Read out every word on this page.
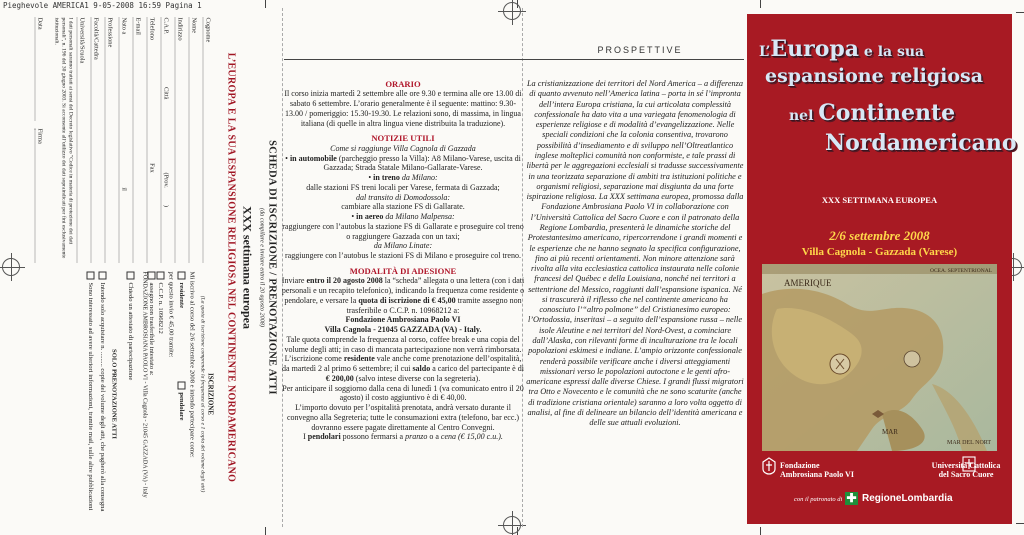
Pieghevole AMERICA1 9-05-2008 16:59 Pagina 1
SCHEDA DI ISCRIZIONE / PRENOTAZIONE ATTI
(da compilare e inviare entro il 20 agosto 2008)
XXX settimana europea
L’EUROPA E LA SUA ESPANSIONE RELIGIOSA NEL CONTINENTE NORDAMERICANO
ISCRIZIONE
(La quota di iscrizione comprende la frequenza al corso e 1 copia del volume degli atti)
Mi iscrivo al corso del 2/6 settembre 2008 e intendo partecipare come:
residente  pendolare
per questo invio € 45,00 tramite:
C.C.P. n. 10968212
assegno non trasferibile intestato a:
FONDAZIONE AMBROSIANA PAOLO VI - Villa Cagnola - 21045 GAZZADA (VA) - Italy
Chiedo un attestato di partecipazione
SOLO PRENOTAZIONE ATTI
Intendo solo acquistare n. ......... copie del volume degli atti, che pagherò alla consegna
Sono interessato ad avere ulteriori informazioni, tramite mail, sulle altre pubblicazioni
Cognome
Nome
Indirizzo
C.A.P.
Città
(Prov.
)
Telefono
Fax
E-mail
Nato a
il
Professione
Facoltà/Cattedra
Università/Scuola
I dati personali saranno trattati ai sensi del Decreto legislativo "Codice in materia di protezione dei dati personali", n. 196 del 30 giugno 2003. Si acconsente all’utilizzo dei dati sopraindicati per fini esclusivamente istituzionali.
Data
Firma
PROSPETTIVE

ORARIO

Il corso inizia martedì 2 settembre alle ore 9.30 e termina alle ore 13.00 di sabato 6 settembre. L’orario generalmente è il seguente: mattino: 9.30-13.00 / pomeriggio: 15.30-19.30. Le relazioni sono, di massima, in lingua italiana (di quelle in altra lingua viene distribuita la traduzione).

NOTIZIE UTILI

Come si raggiunge Villa Cagnola di Gazzada

• in automobile (parcheggio presso la Villa): A8 Milano-Varese, uscita di Gazzada; Strada Statale Milano-Gallarate-Varese.

• in treno da Milano:

dalle stazioni FS treni locali per Varese, fermata di Gazzada;

dal transito di Domodossola:

cambiare alla stazione FS di Gallarate.

• in aereo da Milano Malpensa:

raggiungere con l’autobus la stazione FS di Gallarate e proseguire col treno o raggiungere Gazzada con un taxi;

da Milano Linate:

raggiungere con l’autobus le stazioni FS di Milano e proseguire col treno.

MODALITÀ DI ADESIONE

Inviare entro il 20 agosto 2008 la “scheda” allegata o una lettera (con i dati personali e un recapito telefonico), indicando la frequenza come residente o pendolare, e versare la quota di iscrizione di € 45,00 tramite assegno non trasferibile o C.C.P. n. 10968212 a:

Fondazione Ambrosiana Paolo VI

Villa Cagnola - 21045 GAZZADA (VA) - Italy.

Tale quota comprende la frequenza al corso, coffee break e una copia del volume degli atti; in caso di mancata partecipazione non verrà rimborsata.

L’iscrizione come residente vale anche come prenotazione dell’ospitalità, da martedì 2 al primo 6 settembre; il cui saldo a carico del partecipante è di € 200,00 (salvo intese diverse con la segreteria).

Per anticipare il soggiorno dalla cena di lunedì 1 (va comunicato entro il 20 agosto) il costo aggiuntivo è di € 40,00.

L’importo dovuto per l’ospitalità prenotata, andrà versato durante il convegno alla Segreteria; tutte le consumazioni extra (telefono, bar ecc.) dovranno essere pagate direttamente al Centro Convegni.

I pendolari possono fermarsi a pranzo o a cena (€ 15,00 c.u.).

La cristianizzazione dei territori del Nord America – a differenza di quanto avvenuto nell’America latina – porta in sé l’impronta dell’intera Europa cristiana, la cui articolata complessità confessionale ha dato vita a una variegata fenomenologia di esperienze religiose e di modalità d’evangelizzazione. Nelle speciali condizioni che la colonia consentiva, trovarono possibilità d’insediamento e di sviluppo nell’Oltreatlantico inglese molteplici comunità non conformiste, e tale prassi di libertà per le aggregazioni ecclesiali si tradusse successivamente in una teorizzata separazione di ambiti tra istituzioni politiche e organismi religiosi, separazione mai disgiunta da una forte ispirazione religiosa. La XXX settimana europea, promossa dalla Fondazione Ambrosiana Paolo VI in collaborazione con l’Università Cattolica del Sacro Cuore e con il patronato della Regione Lombardia, presenterà le dinamiche storiche del Protestantesimo americano, ripercorrendone i grandi momenti e le esperienze che ne hanno segnato la specifica configurazione, fino ai più recenti orientamenti. Non minore attenzione sarà rivolta alla vita ecclesiastica cattolica instaurata nelle colonie francesi del Québec e della Louisiana, nonché nei territori a settentrione del Messico, raggiunti dall’espansione ispanica. Né si trascurerà il riflesso che nel continente americano ha conosciuto l’“altro polmone” del Cristianesimo europeo: l’Ortodossia, inseritasi – a seguito dell’espansione russa – nelle isole Aleutine e nei territori del Nord-Ovest, a cominciare dall’Alaska, con rilevanti forme di inculturazione tra le locali popolazioni eskimesi e indiane. L’ampio orizzonte confessionale renderà possibile verificare anche i diversi atteggiamenti missionari verso le popolazioni autoctone e le genti afro-americane espressi dalle diverse Chiese. I grandi flussi migratori tra Otto e Novecento e le comunità che ne sono scaturite (anche di tradizione cristiana orientale) saranno a loro volta oggetto di analisi, al fine di delineare un bilancio dell’identità americana e delle sue attuali evoluzioni.

L’Europa e la sua
espansione religiosa
nel Continente
Nordamericano
XXX SETTIMANA EUROPEA
2/6 settembre 2008
Villa Cagnola - Gazzada (Varese)
OCEA. SEPTENTRIONAL
AMERIQUE
MAR DEL NORT
MAR
Fondazione
Ambrosiana Paolo VI
Università Cattolica
del Sacro Cuore
con il patronato di ✚ RegioneLombardia
